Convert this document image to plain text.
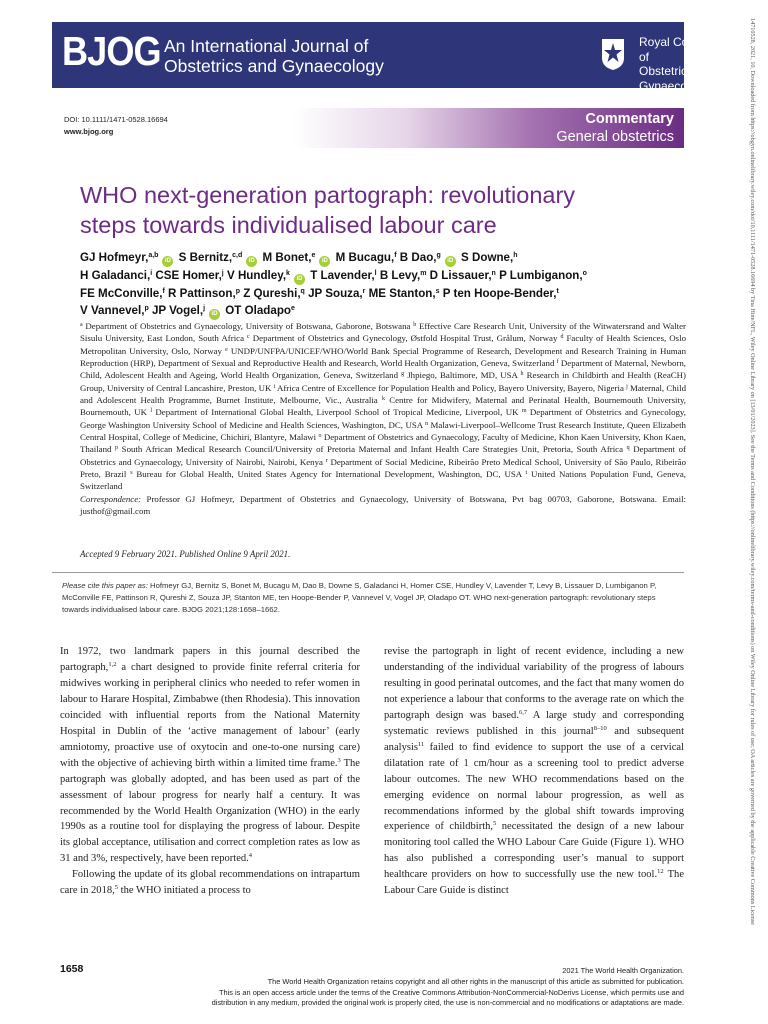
BJOG An International Journal of
Obstetrics and Gynaecology
Royal College of
Obstetricians &
Gynaecologists
DOI: 10.1111/1471-0528.16694
www.bjog.org
Commentary
General obstetrics
WHO next-generation partograph: revolutionary
steps towards individualised labour care
GJ Hofmeyr,$^{a,b}$iD S Bernitz,$^{c,d}$iD M Bonet,$^e$iD M Bucagu,$^f$ B Dao,$^g$iD S Downe,$^h$
H Galadanci,$^i$ CSE Homer,$^j$ V Hundley,$^k$iD T Lavender,$^l$ B Levy,$^m$ D Lissauer,$^n$ P Lumbiganon,$^o$
FE McConville,$^f$ R Pattinson,$^p$ Z Qureshi,$^q$ JP Souza,$^r$ ME Stanton,$^s$ P ten Hoope-Bender,$^t$
V Vannevel,$^p$ JP Vogel,$^j$iD OT Oladapo$^e$
$^a$ Department of Obstetrics and Gynaecology, University of Botswana, Gaborone, Botswana $^b$ Effective Care Research Unit, University of the Witwatersrand and Walter Sisulu University, East London, South Africa $^c$ Department of Obstetrics and Gynecology, Østfold Hospital Trust, Grålum, Norway $^d$ Faculty of Health Sciences, Oslo Metropolitan University, Oslo, Norway $^e$ UNDP/UNFPA/UNICEF/WHO/World Bank Special Programme of Research, Development and Research Training in Human Reproduction (HRP), Department of Sexual and Reproductive Health and Research, World Health Organization, Geneva, Switzerland $^f$ Department of Maternal, Newborn, Child, Adolescent Health and Ageing, World Health Organization, Geneva, Switzerland $^g$ Jhpiego, Baltimore, MD, USA $^h$ Research in Childbirth and Health (ReaCH) Group, University of Central Lancashire, Preston, UK $^i$ Africa Centre of Excellence for Population Health and Policy, Bayero University, Bayero, Nigeria $^j$ Maternal, Child and Adolescent Health Programme, Burnet Institute, Melbourne, Vic., Australia $^k$ Centre for Midwifery, Maternal and Perinatal Health, Bournemouth University, Bournemouth, UK $^l$ Department of International Global Health, Liverpool School of Tropical Medicine, Liverpool, UK $^m$ Department of Obstetrics and Gynecology, George Washington University School of Medicine and Health Sciences, Washington, DC, USA $^n$ Malawi-Liverpool–Wellcome Trust Research Institute, Queen Elizabeth Central Hospital, College of Medicine, Chichiri, Blantyre, Malawi $^o$ Department of Obstetrics and Gynaecology, Faculty of Medicine, Khon Kaen University, Khon Kaen, Thailand $^p$ South African Medical Research Council/University of Pretoria Maternal and Infant Health Care Strategies Unit, Pretoria, South Africa $^q$ Department of Obstetrics and Gynaecology, University of Nairobi, Nairobi, Kenya $^r$ Department of Social Medicine, Ribeirão Preto Medical School, University of São Paulo, Ribeirão Preto, Brazil $^s$ Bureau for Global Health, United States Agency for International Development, Washington, DC, USA $^t$ United Nations Population Fund, Geneva, Switzerland
Correspondence: Professor GJ Hofmeyr, Department of Obstetrics and Gynaecology, University of Botswana, Pvt bag 00703, Gaborone, Botswana. Email: justhof@gmail.com
Accepted 9 February 2021. Published Online 9 April 2021.
Please cite this paper as: Hofmeyr GJ, Bernitz S, Bonet M, Bucagu M, Dao B, Downe S, Galadanci H, Homer CSE, Hundley V, Lavender T, Levy B, Lissauer D, Lumbiganon P, McConville FE, Pattinson R, Qureshi Z, Souza JP, Stanton ME, ten Hoope-Bender P, Vannevel V, Vogel JP, Oladapo OT. WHO next-generation partograph: revolutionary steps towards individualised labour care. BJOG 2021;128:1658–1662.

In 1972, two landmark papers in this journal described the partograph,$^{1,2}$ a chart designed to provide finite referral criteria for midwives working in peripheral clinics who needed to refer women in labour to Harare Hospital, Zimbabwe (then Rhodesia). This innovation coincided with influential reports from the National Maternity Hospital in Dublin of the ‘active management of labour’ (early amniotomy, proactive use of oxytocin and one-to-one nursing care) with the objective of achieving birth within a limited time frame.$^3$ The partograph was globally adopted, and has been used as part of the assessment of labour progress for nearly half a century. It was recommended by the World Health Organization (WHO) in the early 1990s as a routine tool for displaying the progress of labour. Despite its global acceptance, utilisation and correct completion rates as low as 31 and 3%, respectively, have been reported.$^4$

Following the update of its global recommendations on intrapartum care in 2018,$^5$ the WHO initiated a process to

revise the partograph in light of recent evidence, including a new understanding of the individual variability of the progress of labours resulting in good perinatal outcomes, and the fact that many women do not experience a labour that conforms to the average rate on which the partograph design was based.$^{6,7}$ A large study and corresponding systematic reviews published in this journal$^{8-10}$ and subsequent analysis$^{11}$ failed to find evidence to support the use of a cervical dilatation rate of 1 cm/hour as a screening tool to predict adverse labour outcomes. The new WHO recommendations based on the emerging evidence on normal labour progression, as well as recommendations informed by the global shift towards improving experience of childbirth,$^5$ necessitated the design of a new labour monitoring tool called the WHO Labour Care Guide (Figure 1). WHO has also published a corresponding user’s manual to support healthcare providers on how to successfully use the new tool.$^{12}$ The Labour Care Guide is distinct

1658	2021 The World Health Organization.
The World Health Organization retains copyright and all other rights in the manuscript of this article as submitted for publication.
This is an open access article under the terms of the Creative Commons Attribution-NonCommercial-NoDerivs License, which permits use and
distribution in any medium, provided the original work is properly cited, the use is non-commercial and no modifications or adaptations are made.
14710528, 2021, 10, Downloaded from https://obgyn.onlinelibrary.wiley.com/doi/10.1111/1471-0528.16694 by Tina Hine/NFL, Wiley Online Library on [13/01/2023]. See the Terms and Conditions (https://onlinelibrary.wiley.com/terms-and-conditions) on Wiley Online Library for rules of use; OA articles are governed by the applicable Creative Commons License
